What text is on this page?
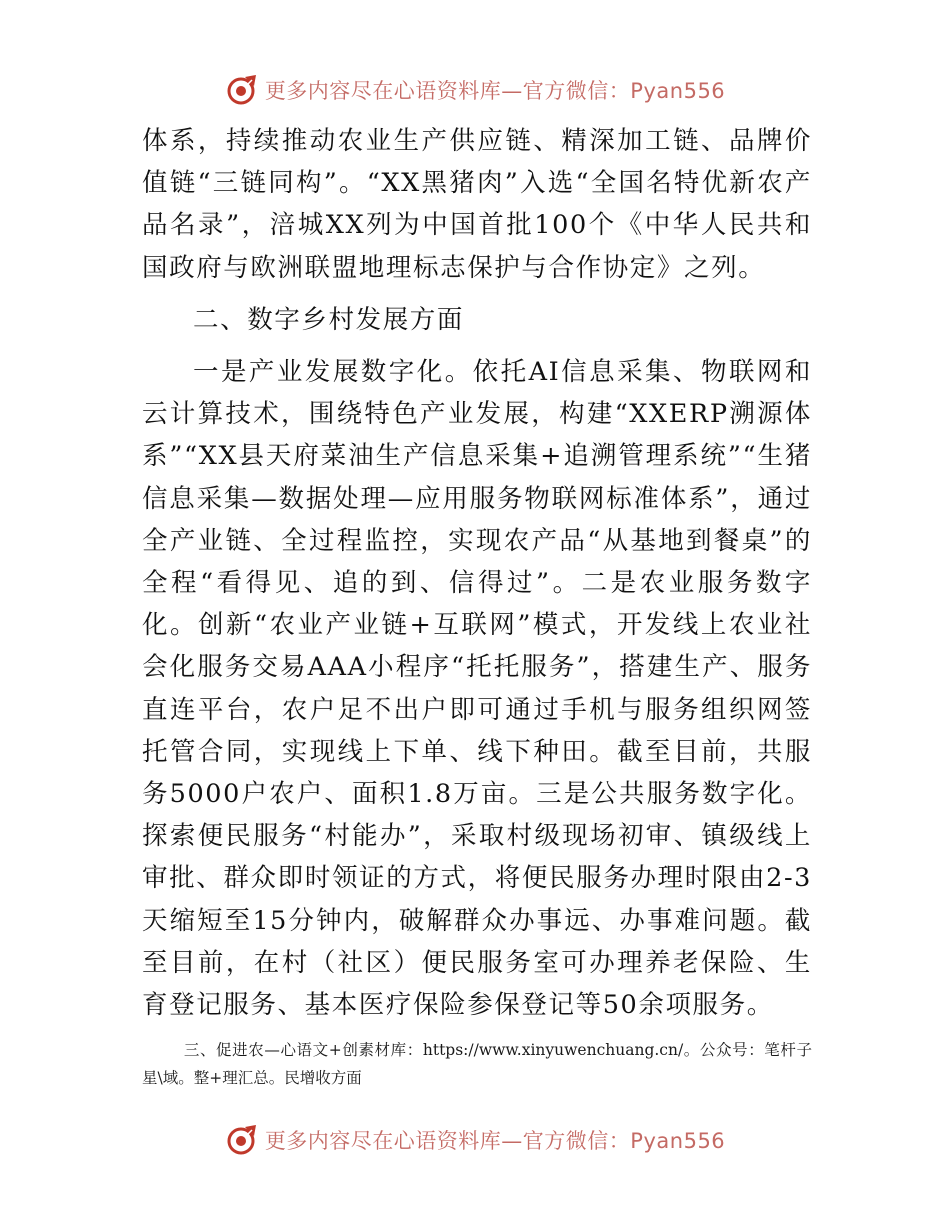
更多内容尽在心语资料库—官方微信：Pyan556

体系，持续推动农业生产供应链、精深加工链、品牌价值链“三链同构”。“XX黑猪肉”入选“全国名特优新农产品名录”，涪城XX列为中国首批100个《中华人民共和国政府与欧洲联盟地理标志保护与合作协定》之列。

二、数字乡村发展方面

一是产业发展数字化。依托AI信息采集、物联网和云计算技术，围绕特色产业发展，构建“XXERP溯源体系”“XX县天府菜油生产信息采集+追溯管理系统”“生猪信息采集—数据处理—应用服务物联网标准体系”，通过全产业链、全过程监控，实现农产品“从基地到餐桌”的全程“看得见、追的到、信得过”。二是农业服务数字化。创新“农业产业链+互联网”模式，开发线上农业社会化服务交易AAA小程序“托托服务”，搭建生产、服务直连平台，农户足不出户即可通过手机与服务组织网签托管合同，实现线上下单、线下种田。截至目前，共服务5000户农户、面积1.8万亩。三是公共服务数字化。探索便民服务“村能办”，采取村级现场初审、镇级线上审批、群众即时领证的方式，将便民服务办理时限由2-3天缩短至15分钟内，破解群众办事远、办事难问题。截至目前，在村（社区）便民服务室可办理养老保险、生育登记服务、基本医疗保险参保登记等50余项服务。

三、促进农—心语文+创素材库：https://www.xinyuwenchuang.cn/。公众号：笔杆子星\域。整+理汇总。民增收方面

更多内容尽在心语资料库—官方微信：Pyan556
